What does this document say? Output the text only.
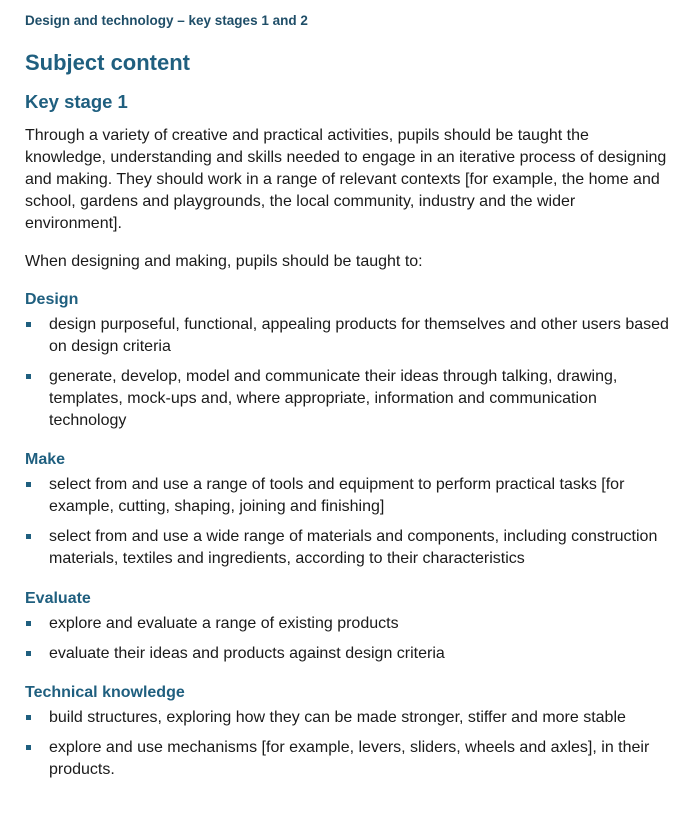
Design and technology – key stages 1 and 2
Subject content
Key stage 1

Through a variety of creative and practical activities, pupils should be taught the knowledge, understanding and skills needed to engage in an iterative process of designing and making. They should work in a range of relevant contexts [for example, the home and school, gardens and playgrounds, the local community, industry and the wider environment].

When designing and making, pupils should be taught to:

Design
design purposeful, functional, appealing products for themselves and other users based on design criteria
generate, develop, model and communicate their ideas through talking, drawing, templates, mock-ups and, where appropriate, information and communication technology
Make
select from and use a range of tools and equipment to perform practical tasks [for example, cutting, shaping, joining and finishing]
select from and use a wide range of materials and components, including construction materials, textiles and ingredients, according to their characteristics
Evaluate
explore and evaluate a range of existing products
evaluate their ideas and products against design criteria
Technical knowledge
build structures, exploring how they can be made stronger, stiffer and more stable
explore and use mechanisms [for example, levers, sliders, wheels and axles], in their products.
